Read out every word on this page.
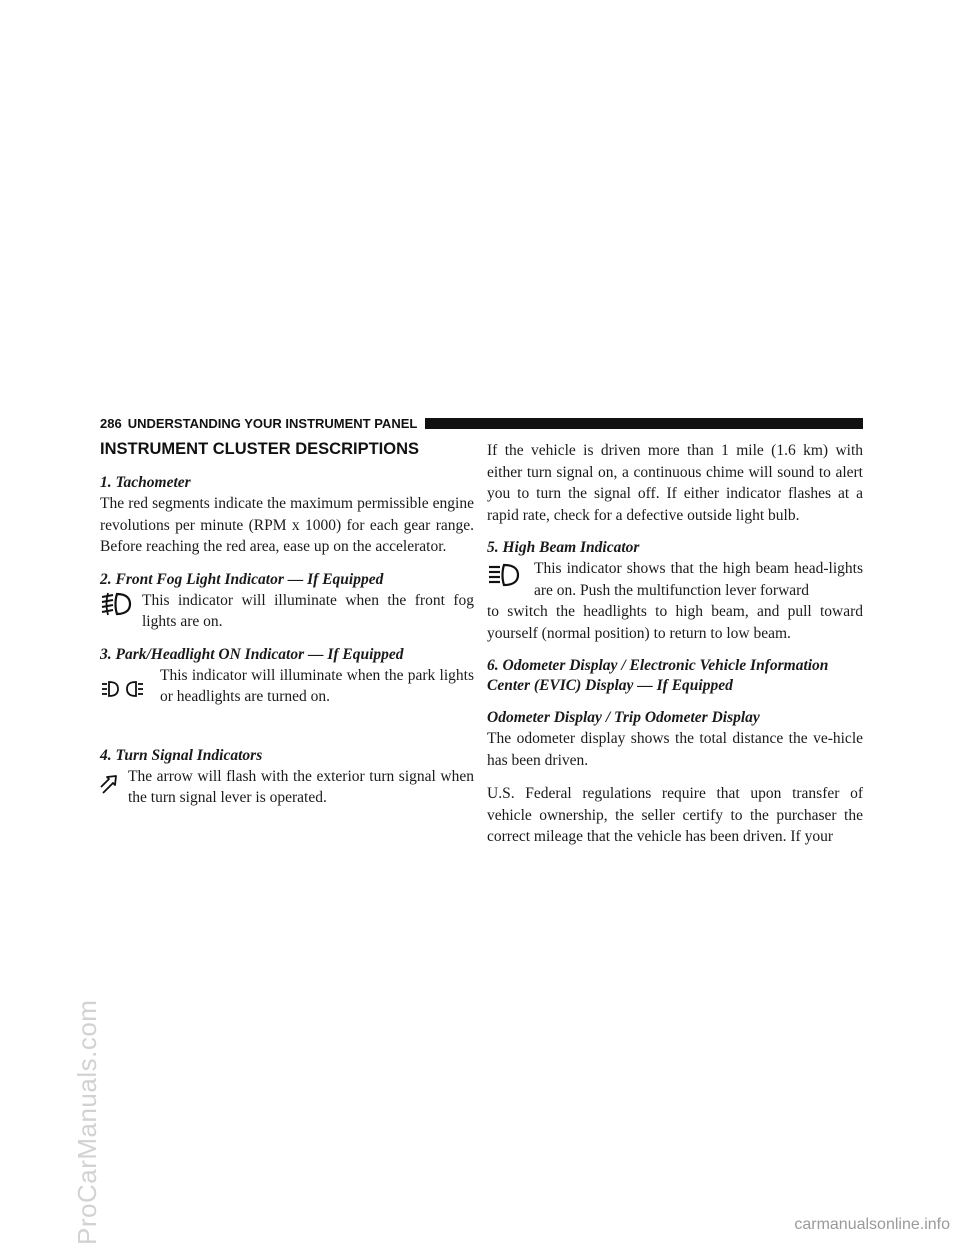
ProCarManuals.com
286 UNDERSTANDING YOUR INSTRUMENT PANEL
INSTRUMENT CLUSTER DESCRIPTIONS
1. Tachometer
The red segments indicate the maximum permissible engine revolutions per minute (RPM x 1000) for each gear range. Before reaching the red area, ease up on the accelerator.
2. Front Fog Light Indicator — If Equipped
This indicator will illuminate when the front fog lights are on.
3. Park/Headlight ON Indicator — If Equipped
This indicator will illuminate when the park lights or headlights are turned on.
4. Turn Signal Indicators
The arrow will flash with the exterior turn signal when the turn signal lever is operated.
If the vehicle is driven more than 1 mile (1.6 km) with either turn signal on, a continuous chime will sound to alert you to turn the signal off. If either indicator flashes at a rapid rate, check for a defective outside light bulb.
5. High Beam Indicator
This indicator shows that the high beam head-lights are on. Push the multifunction lever forward
to switch the headlights to high beam, and pull toward yourself (normal position) to return to low beam.
6. Odometer Display / Electronic Vehicle Information Center (EVIC) Display — If Equipped
Odometer Display / Trip Odometer Display
The odometer display shows the total distance the ve-hicle has been driven.
U.S. Federal regulations require that upon transfer of vehicle ownership, the seller certify to the purchaser the correct mileage that the vehicle has been driven. If your
carmanualsonline.info
